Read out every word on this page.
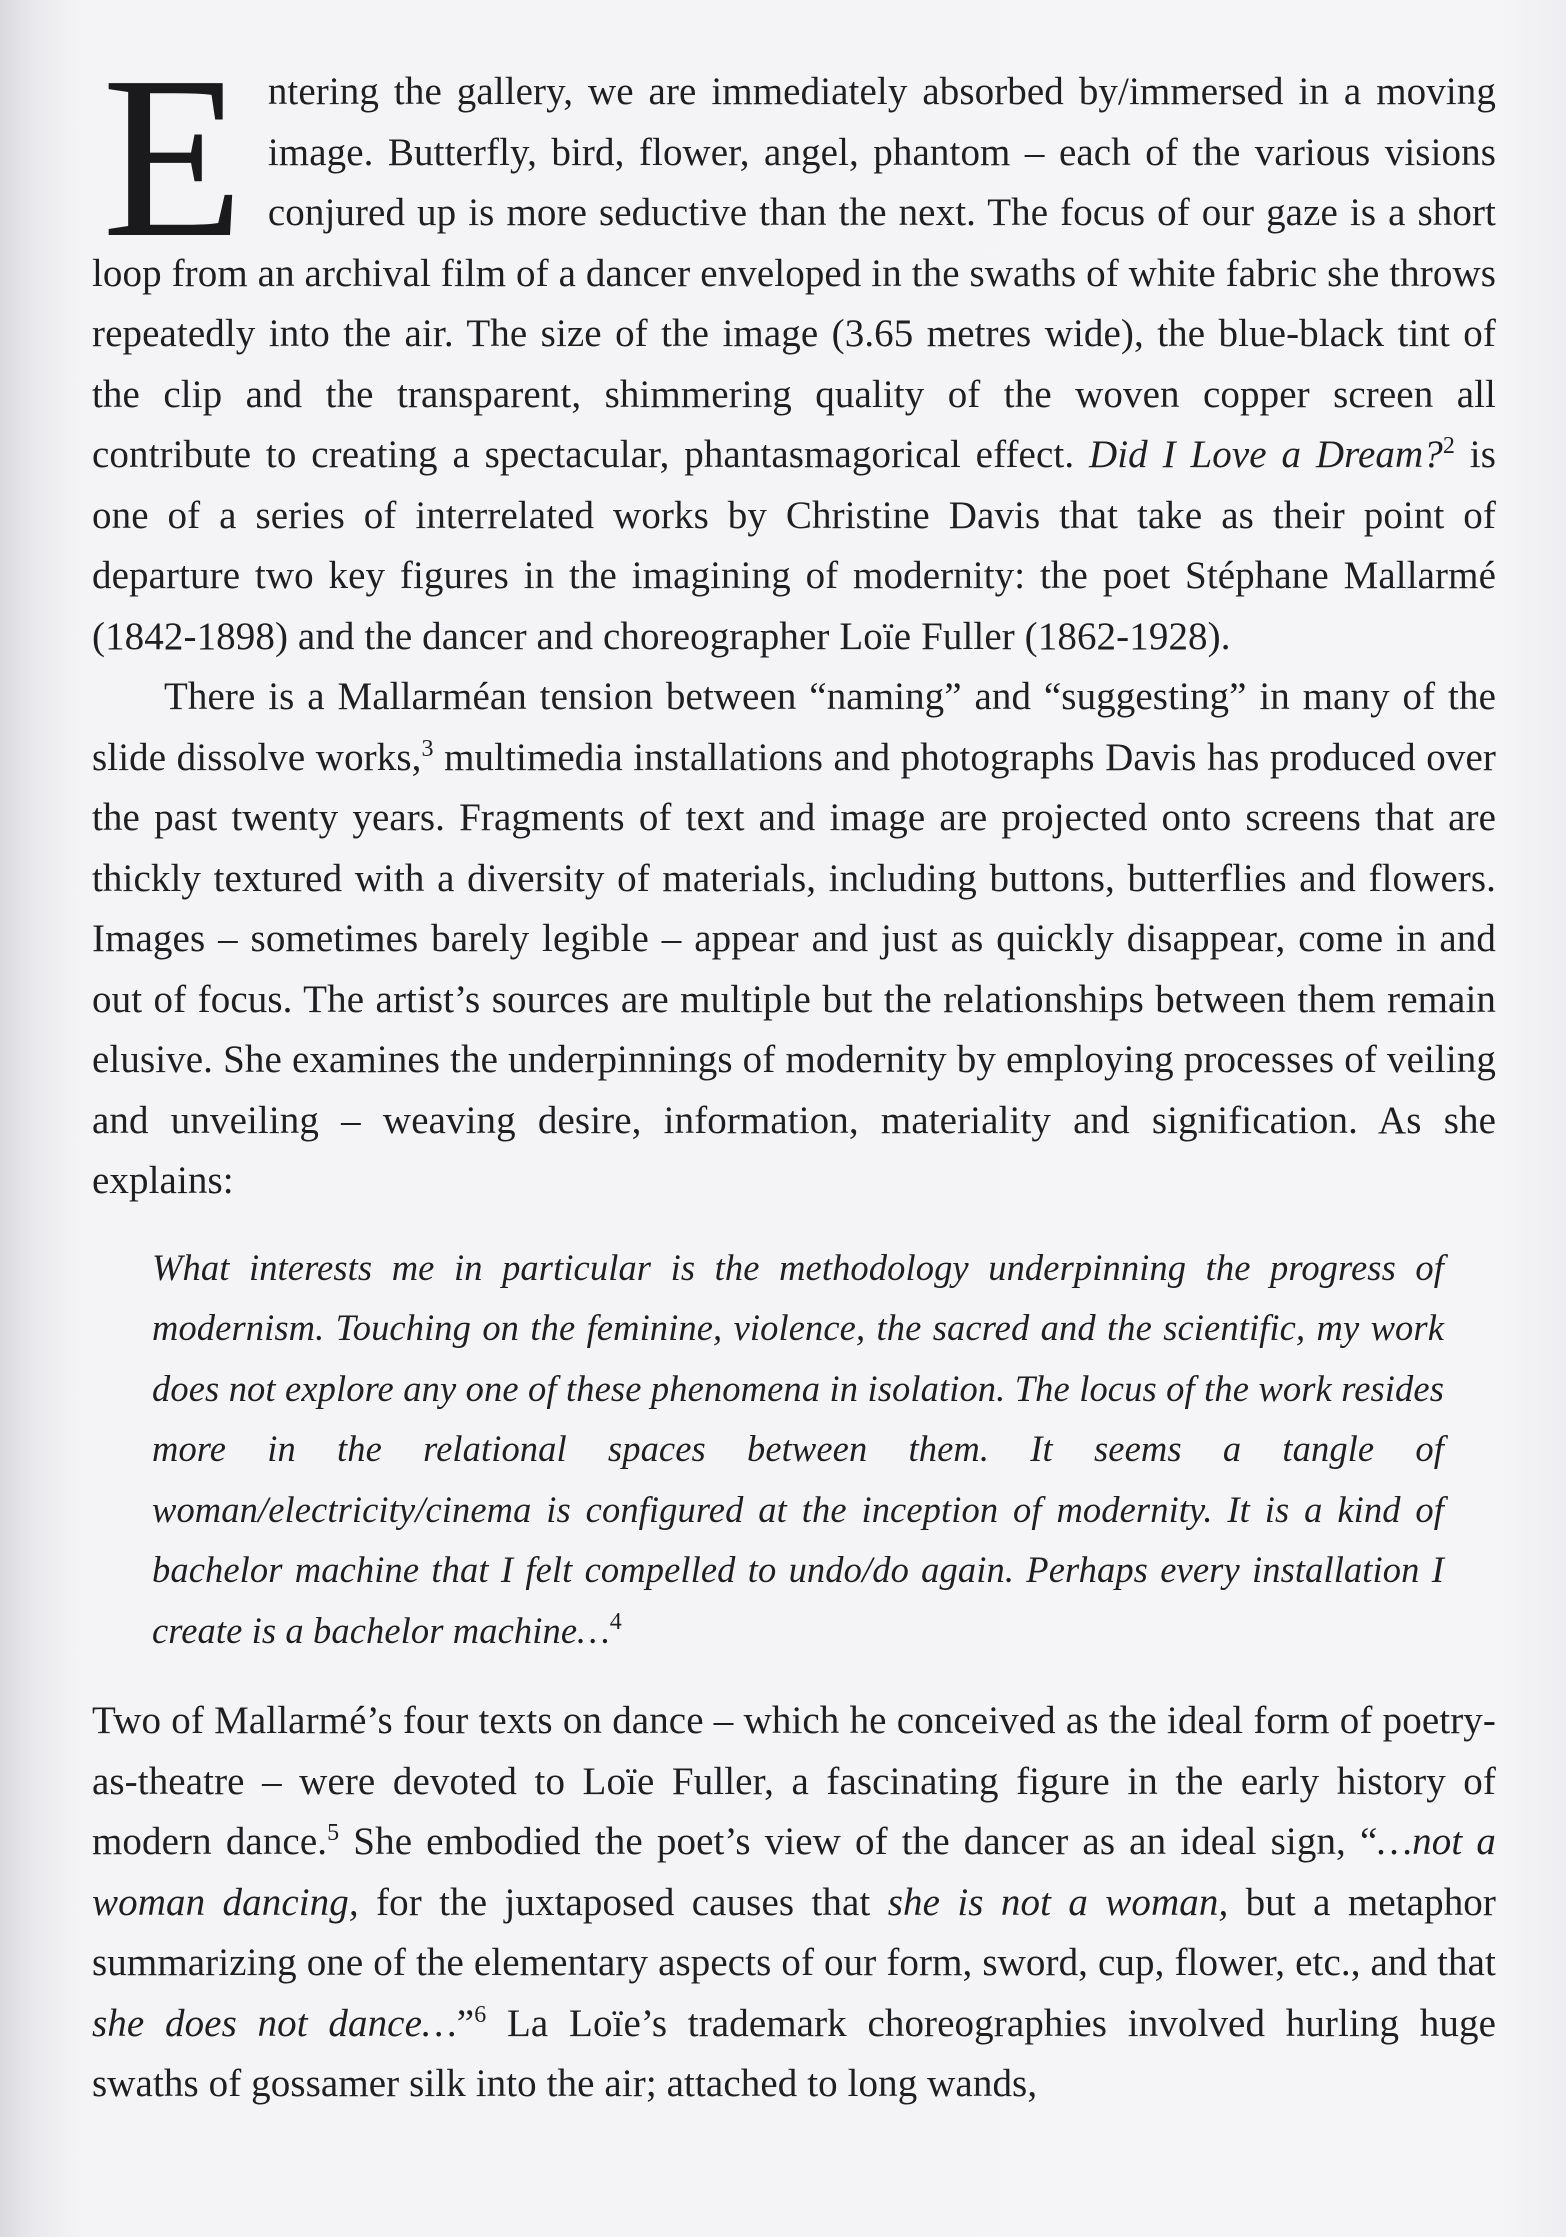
Entering the gallery, we are immediately absorbed by/immersed in a moving image. Butterfly, bird, flower, angel, phantom – each of the various visions conjured up is more seductive than the next. The focus of our gaze is a short loop from an archival film of a dancer enveloped in the swaths of white fabric she throws repeatedly into the air. The size of the image (3.65 metres wide), the blue-black tint of the clip and the transparent, shimmering quality of the woven copper screen all contribute to creating a spectacular, phantasmagorical effect. Did I Love a Dream?$^2$ is one of a series of interrelated works by Christine Davis that take as their point of departure two key figures in the imagining of modernity: the poet Stéphane Mallarmé (1842-1898) and the dancer and choreographer Loïe Fuller (1862-1928).

There is a Mallarméan tension between “naming” and “suggesting” in many of the slide dissolve works,$^3$ multimedia installations and photographs Davis has produced over the past twenty years. Fragments of text and image are projected onto screens that are thickly textured with a diversity of materials, including buttons, butterflies and flowers. Images – sometimes barely legible – appear and just as quickly disappear, come in and out of focus. The artist’s sources are multiple but the relationships between them remain elusive. She examines the underpinnings of modernity by employing processes of veiling and unveiling – weaving desire, information, materiality and signification. As she explains:

What interests me in particular is the methodology underpinning the progress of modernism. Touching on the feminine, violence, the sacred and the scientific, my work does not explore any one of these phenomena in isolation. The locus of the work resides more in the relational spaces between them. It seems a tangle of woman/electricity/cinema is configured at the inception of modernity. It is a kind of bachelor machine that I felt compelled to undo/do again. Perhaps every installation I create is a bachelor machine…$^4$

Two of Mallarmé’s four texts on dance – which he conceived as the ideal form of poetry-as-theatre – were devoted to Loïe Fuller, a fascinating figure in the early history of modern dance.$^5$ She embodied the poet’s view of the dancer as an ideal sign, “…not a woman dancing, for the juxtaposed causes that she is not a woman, but a metaphor summarizing one of the elementary aspects of our form, sword, cup, flower, etc., and that she does not dance…”$^6$ La Loïe’s trademark choreographies involved hurling huge swaths of gossamer silk into the air; attached to long wands,
